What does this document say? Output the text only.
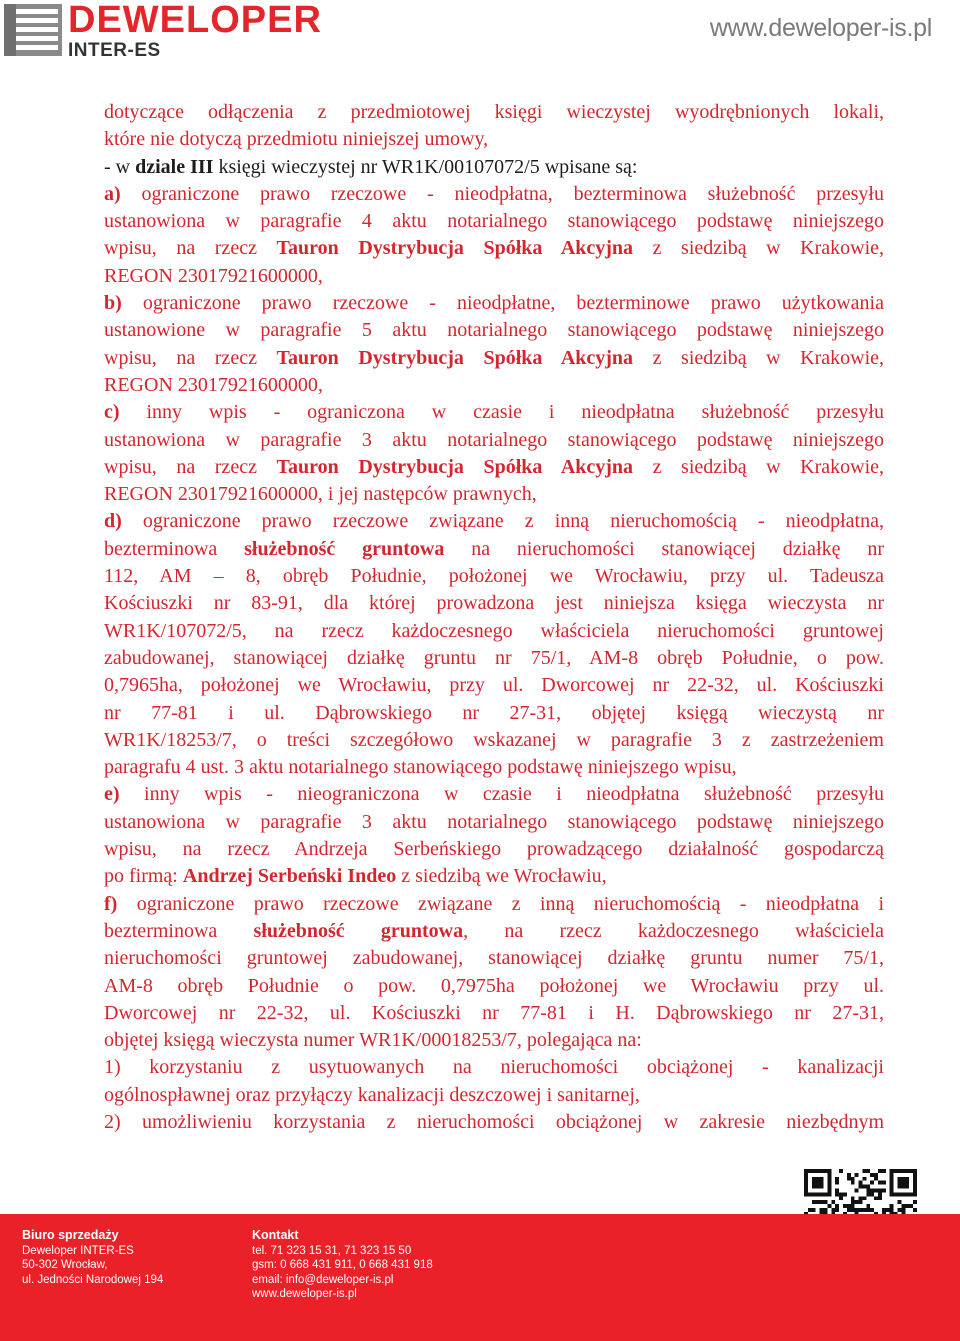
DEWELOPER
INTER-ES
www.deweloper-is.pl
dotyczące odłączenia z przedmiotowej księgi wieczystej wyodrębnionych lokali,
które nie dotyczą przedmiotu niniejszej umowy,
- w dziale III księgi wieczystej nr WR1K/00107072/5 wpisane są:
a) ograniczone prawo rzeczowe - nieodpłatna, bezterminowa służebność przesyłu
ustanowiona w paragrafie 4 aktu notarialnego stanowiącego podstawę niniejszego
wpisu, na rzecz Tauron Dystrybucja Spółka Akcyjna z siedzibą w Krakowie,
REGON 23017921600000,
b) ograniczone prawo rzeczowe - nieodpłatne, bezterminowe prawo użytkowania
ustanowione w paragrafie 5 aktu notarialnego stanowiącego podstawę niniejszego
wpisu, na rzecz Tauron Dystrybucja Spółka Akcyjna z siedzibą w Krakowie,
REGON 23017921600000,
c) inny wpis - ograniczona w czasie i nieodpłatna służebność przesyłu
ustanowiona w paragrafie 3 aktu notarialnego stanowiącego podstawę niniejszego
wpisu, na rzecz Tauron Dystrybucja Spółka Akcyjna z siedzibą w Krakowie,
REGON 23017921600000, i jej następców prawnych,
d) ograniczone prawo rzeczowe związane z inną nieruchomością - nieodpłatna,
bezterminowa służebność gruntowa na nieruchomości stanowiącej działkę nr
112, AM – 8, obręb Południe, położonej we Wrocławiu, przy ul. Tadeusza
Kościuszki nr 83-91, dla której prowadzona jest niniejsza księga wieczysta nr
WR1K/107072/5, na rzecz każdoczesnego właściciela nieruchomości gruntowej
zabudowanej, stanowiącej działkę gruntu nr 75/1, AM-8 obręb Południe, o pow.
0,7965ha, położonej we Wrocławiu, przy ul. Dworcowej nr 22-32, ul. Kościuszki
nr 77-81 i ul. Dąbrowskiego nr 27-31, objętej księgą wieczystą nr
WR1K/18253/7, o treści szczegółowo wskazanej w paragrafie 3 z zastrzeżeniem
paragrafu 4 ust. 3 aktu notarialnego stanowiącego podstawę niniejszego wpisu,
e) inny wpis - nieograniczona w czasie i nieodpłatna służebność przesyłu
ustanowiona w paragrafie 3 aktu notarialnego stanowiącego podstawę niniejszego
wpisu, na rzecz Andrzeja Serbeńskiego prowadzącego działalność gospodarczą
po firmą: Andrzej Serbeński Indeo z siedzibą we Wrocławiu,
f) ograniczone prawo rzeczowe związane z inną nieruchomością - nieodpłatna i
bezterminowa służebność gruntowa, na rzecz każdoczesnego właściciela
nieruchomości gruntowej zabudowanej, stanowiącej działkę gruntu numer 75/1,
AM-8 obręb Południe o pow. 0,7975ha położonej we Wrocławiu przy ul.
Dworcowej nr 22-32, ul. Kościuszki nr 77-81 i H. Dąbrowskiego nr 27-31,
objętej księgą wieczysta numer WR1K/00018253/7, polegająca na:
1) korzystaniu z usytuowanych na nieruchomości obciążonej - kanalizacji
ogólnospławnej oraz przyłączy kanalizacji deszczowej i sanitarnej,
2) umożliwieniu korzystania z nieruchomości obciążonej w zakresie niezbędnym
Biuro sprzedaży
Deweloper INTER-ES
50-302 Wrocław,
ul. Jedności Narodowej 194
Kontakt
tel. 71 323 15 31, 71 323 15 50
gsm: 0 668 431 911, 0 668 431 918
email: info@deweloper-is.pl
www.deweloper-is.pl
